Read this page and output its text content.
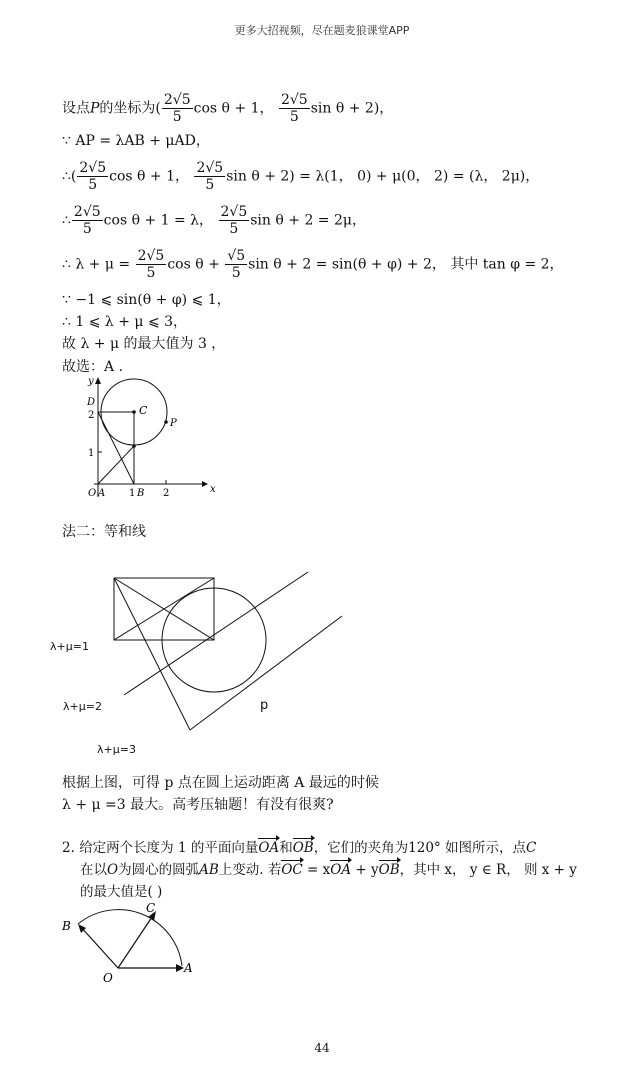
更多大招视频，尽在题麦狼课堂APP
设点P的坐标为( $\frac{2√5}{5}$ cos θ + 1， $\frac{2√5}{5}$ sin θ + 2)，
∵ AP = λAB + μAD，
∴( $\frac{2√5}{5}$ cos θ + 1， $\frac{2√5}{5}$ sin θ + 2) = λ(1， 0) + μ(0， 2) = (λ， 2μ)，
∴ $\frac{2√5}{5}$ cos θ + 1 = λ， $\frac{2√5}{5}$ sin θ + 2 = 2μ，
∴ $\lambda + \mu = \frac{2√5}{5}$ $\cos \theta + \frac{√5}{5}$ sin θ + 2 = sin(θ + φ) + 2， 其中 tan φ = 2，
∵ −1 ⩽ sin(θ + φ) ⩽ 1，
∴ 1 ⩽ λ + μ ⩽ 3，
故 λ + μ 的最大值为 3 ，
故选：A .
y
x
D
2
1
C
P
O A 1 B 2
法二：等和线
λ+μ=1
λ+μ=2
λ+μ=3
p
根据上图，可得 p 点在圆上运动距离 A 最远的时候
λ + μ =3 最大。高考压轴题！有没有很爽?
2. 给定两个长度为 1 的平面向量OA和OB，它们的夹角为120° 如图所示，点C
在以O为圆心的圆弧AB上变动. 若OC = xOA + yOB，其中 x， y ∈ R， 则 x + y
的最大值是( )
B
C
O
A
44
